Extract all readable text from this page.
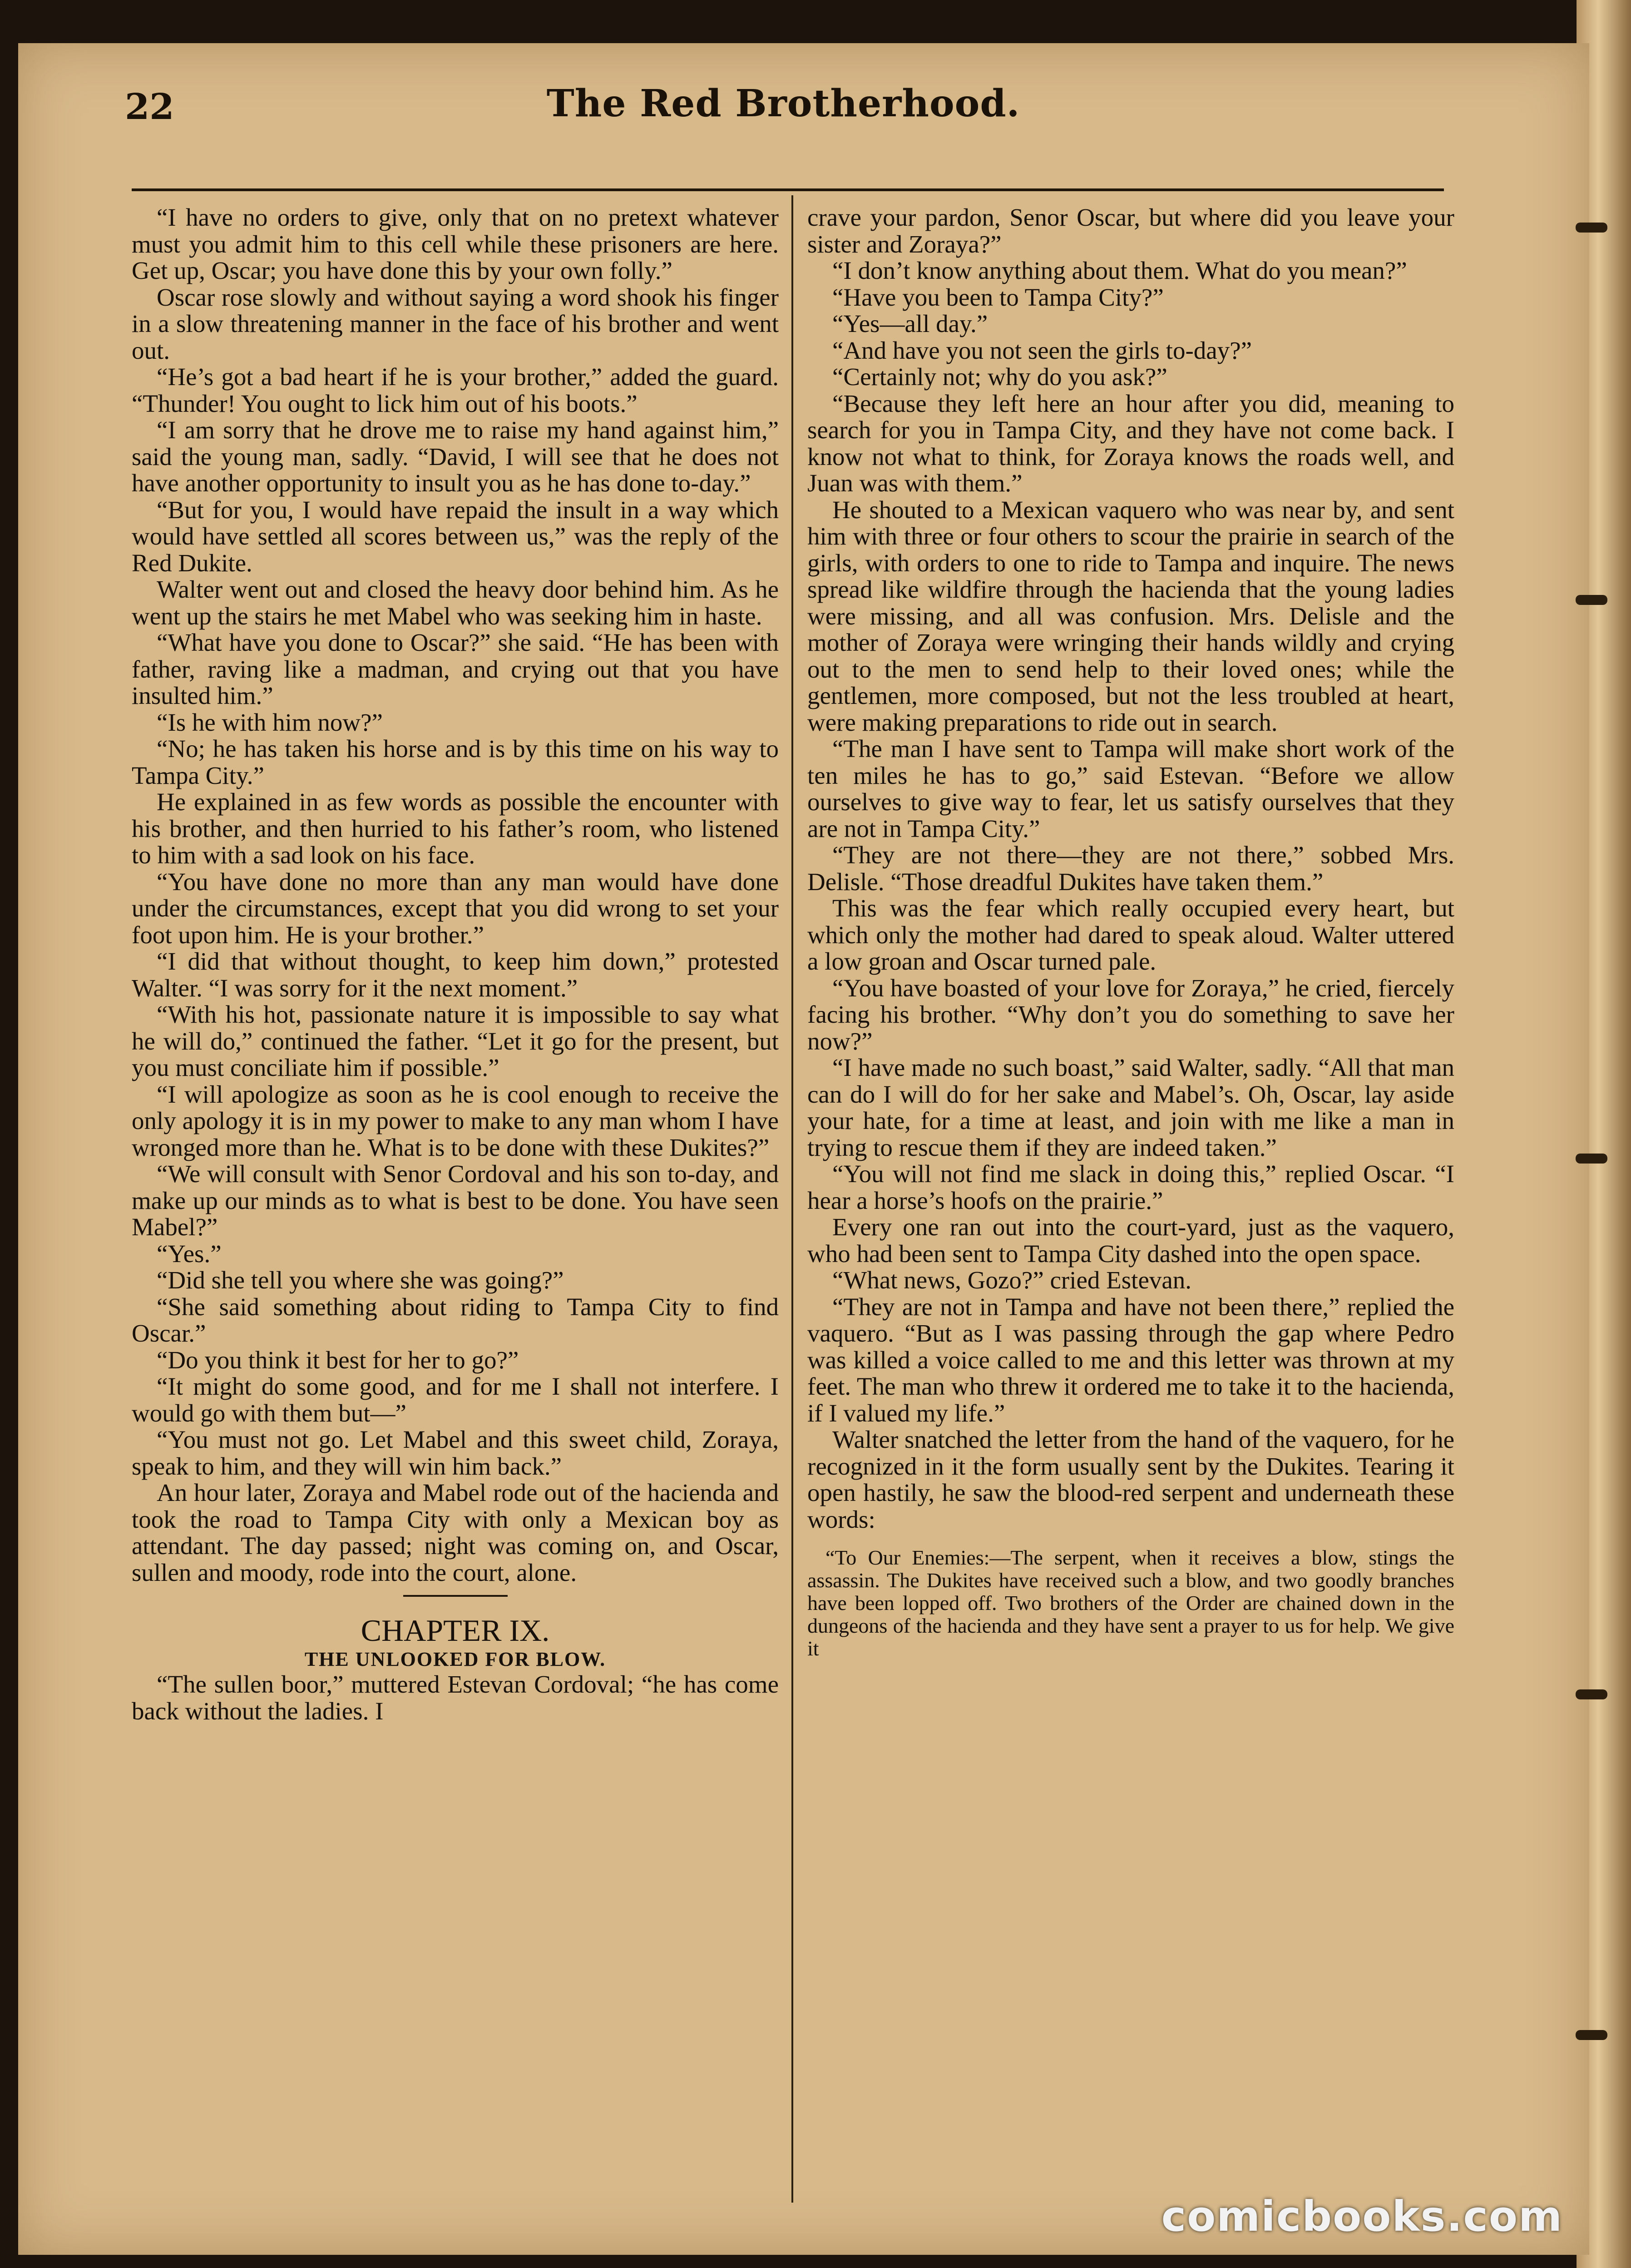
22	The Red Brotherhood.

“I have no orders to give, only that on no pretext whatever must you admit him to this cell while these prisoners are here. Get up, Oscar; you have done this by your own folly.”

Oscar rose slowly and without saying a word shook his finger in a slow threatening manner in the face of his brother and went out.

“He’s got a bad heart if he is your brother,” added the guard. “Thunder! You ought to lick him out of his boots.”

“I am sorry that he drove me to raise my hand against him,” said the young man, sadly. “David, I will see that he does not have another opportunity to insult you as he has done to-day.”

“But for you, I would have repaid the insult in a way which would have settled all scores between us,” was the reply of the Red Dukite.

Walter went out and closed the heavy door behind him. As he went up the stairs he met Mabel who was seeking him in haste.

“What have you done to Oscar?” she said. “He has been with father, raving like a madman, and crying out that you have insulted him.”

“Is he with him now?”

“No; he has taken his horse and is by this time on his way to Tampa City.”

He explained in as few words as possible the encounter with his brother, and then hurried to his father’s room, who listened to him with a sad look on his face.

“You have done no more than any man would have done under the circumstances, except that you did wrong to set your foot upon him. He is your brother.”

“I did that without thought, to keep him down,” protested Walter. “I was sorry for it the next moment.”

“With his hot, passionate nature it is impossible to say what he will do,” continued the father. “Let it go for the present, but you must conciliate him if possible.”

“I will apologize as soon as he is cool enough to receive the only apology it is in my power to make to any man whom I have wronged more than he. What is to be done with these Dukites?”

“We will consult with Senor Cordoval and his son to-day, and make up our minds as to what is best to be done. You have seen Mabel?”

“Yes.”

“Did she tell you where she was going?”

“She said something about riding to Tampa City to find Oscar.”

“Do you think it best for her to go?”

“It might do some good, and for me I shall not interfere. I would go with them but—”

“You must not go. Let Mabel and this sweet child, Zoraya, speak to him, and they will win him back.”

An hour later, Zoraya and Mabel rode out of the hacienda and took the road to Tampa City with only a Mexican boy as attendant. The day passed; night was coming on, and Oscar, sullen and moody, rode into the court, alone.

CHAPTER IX.
THE UNLOOKED FOR BLOW.

“The sullen boor,” muttered Estevan Cordoval; “he has come back without the ladies. I

crave your pardon, Senor Oscar, but where did you leave your sister and Zoraya?”

“I don’t know anything about them. What do you mean?”

“Have you been to Tampa City?”

“Yes—all day.”

“And have you not seen the girls to-day?”

“Certainly not; why do you ask?”

“Because they left here an hour after you did, meaning to search for you in Tampa City, and they have not come back. I know not what to think, for Zoraya knows the roads well, and Juan was with them.”

He shouted to a Mexican vaquero who was near by, and sent him with three or four others to scour the prairie in search of the girls, with orders to one to ride to Tampa and inquire. The news spread like wildfire through the hacienda that the young ladies were missing, and all was confusion. Mrs. Delisle and the mother of Zoraya were wringing their hands wildly and crying out to the men to send help to their loved ones; while the gentlemen, more composed, but not the less troubled at heart, were making preparations to ride out in search.

“The man I have sent to Tampa will make short work of the ten miles he has to go,” said Estevan. “Before we allow ourselves to give way to fear, let us satisfy ourselves that they are not in Tampa City.”

“They are not there—they are not there,” sobbed Mrs. Delisle. “Those dreadful Dukites have taken them.”

This was the fear which really occupied every heart, but which only the mother had dared to speak aloud. Walter uttered a low groan and Oscar turned pale.

“You have boasted of your love for Zoraya,” he cried, fiercely facing his brother. “Why don’t you do something to save her now?”

“I have made no such boast,” said Walter, sadly. “All that man can do I will do for her sake and Mabel’s. Oh, Oscar, lay aside your hate, for a time at least, and join with me like a man in trying to rescue them if they are indeed taken.”

“You will not find me slack in doing this,” replied Oscar. “I hear a horse’s hoofs on the prairie.”

Every one ran out into the court-yard, just as the vaquero, who had been sent to Tampa City dashed into the open space.

“What news, Gozo?” cried Estevan.

“They are not in Tampa and have not been there,” replied the vaquero. “But as I was passing through the gap where Pedro was killed a voice called to me and this letter was thrown at my feet. The man who threw it ordered me to take it to the hacienda, if I valued my life.”

Walter snatched the letter from the hand of the vaquero, for he recognized in it the form usually sent by the Dukites. Tearing it open hastily, he saw the blood-red serpent and underneath these words:

“To Our Enemies:—The serpent, when it receives a blow, stings the assassin. The Dukites have received such a blow, and two goodly branches have been lopped off. Two brothers of the Order are chained down in the dungeons of the hacienda and they have sent a prayer to us for help. We give it

comicbooks.com
